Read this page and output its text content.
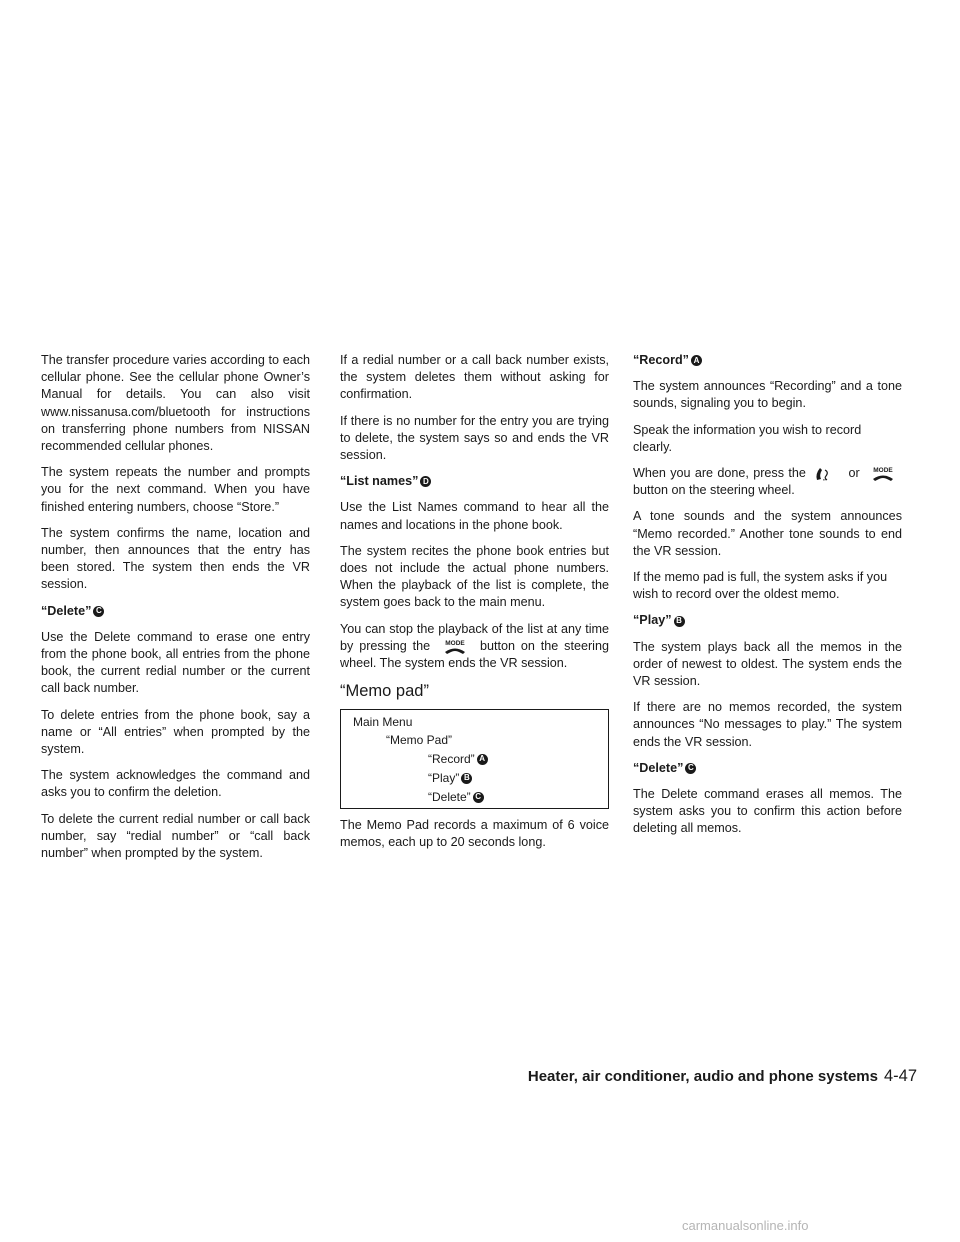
The transfer procedure varies according to each cellular phone. See the cellular phone Owner’s Manual for details. You can also visit www.nissanusa.com/bluetooth for instructions on transferring phone numbers from NISSAN recommended cellular phones.

The system repeats the number and prompts you for the next command. When you have finished entering numbers, choose “Store.”

The system confirms the name, location and number, then announces that the entry has been stored. The system then ends the VR session.

“Delete” C

Use the Delete command to erase one entry from the phone book, all entries from the phone book, the current redial number or the current call back number.

To delete entries from the phone book, say a name or “All entries” when prompted by the system.

The system acknowledges the command and asks you to confirm the deletion.

To delete the current redial number or call back number, say “redial number” or “call back number” when prompted by the system.

If a redial number or a call back number exists, the system deletes them without asking for confirmation.

If there is no number for the entry you are trying to delete, the system says so and ends the VR session.

“List names” D

Use the List Names command to hear all the names and locations in the phone book.

The system recites the phone book entries but does not include the actual phone numbers. When the playback of the list is complete, the system goes back to the main menu.

You can stop the playback of the list at any time by pressing the MODE button on the steering wheel. The system ends the VR session.

“Memo pad”
Main Menu
“Memo Pad”
“Record” A
“Play” B
“Delete” C

The Memo Pad records a maximum of 6 voice memos, each up to 20 seconds long.

“Record” A

The system announces “Recording” and a tone sounds, signaling you to begin.

Speak the information you wish to record clearly.

When you are done, press the	▪▪ or MODE
button on the steering wheel.

A tone sounds and the system announces “Memo recorded.” Another tone sounds to end the VR session.

If the memo pad is full, the system asks if you wish to record over the oldest memo.

“Play” B

The system plays back all the memos in the order of newest to oldest. The system ends the VR session.

If there are no memos recorded, the system announces “No messages to play.” The system ends the VR session.

“Delete” C

The Delete command erases all memos. The system asks you to confirm this action before deleting all memos.

Heater, air conditioner, audio and phone systems 4-47
carmanualsonline.info
